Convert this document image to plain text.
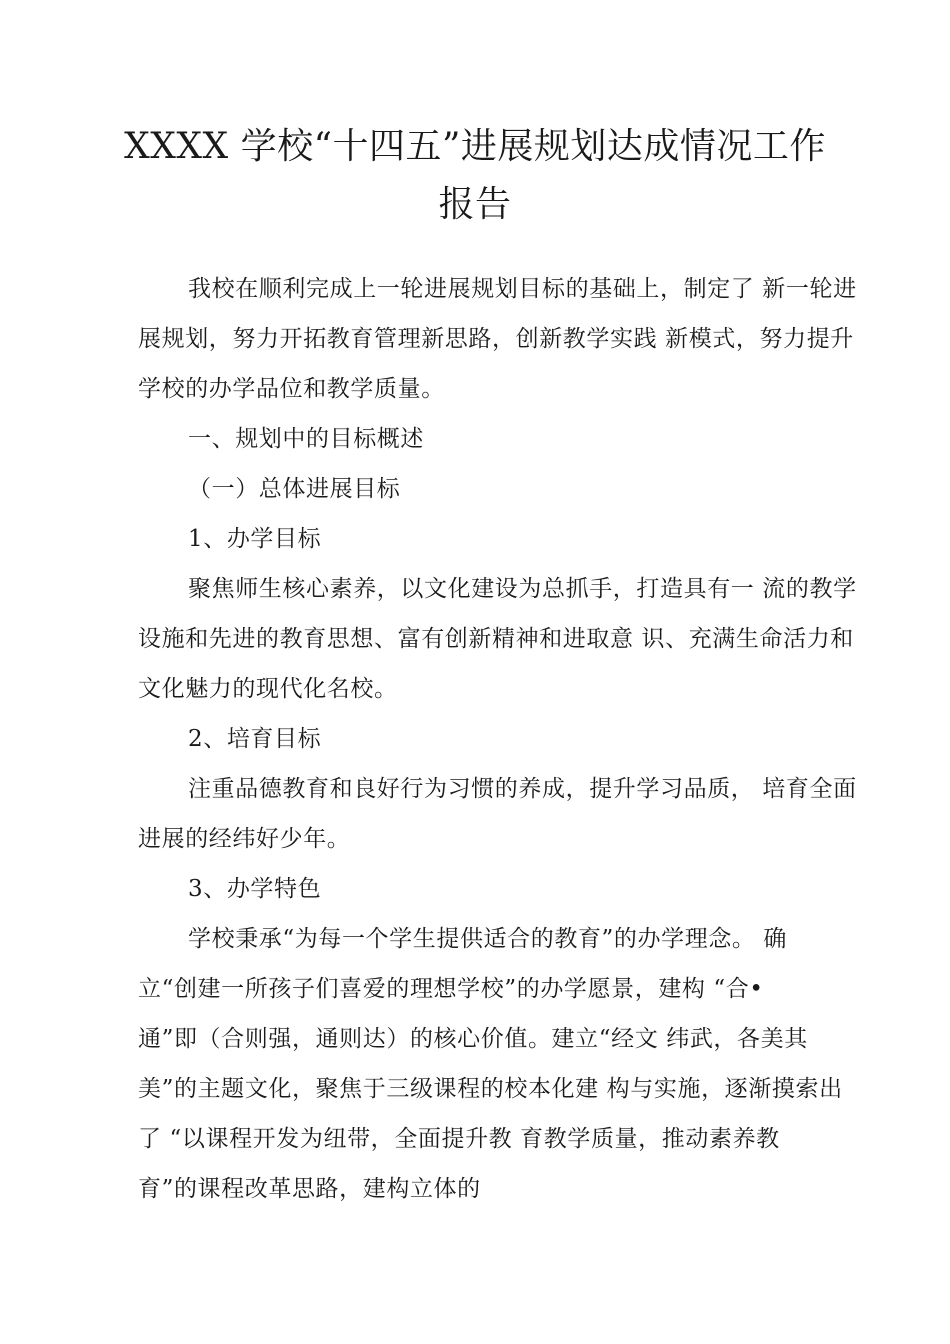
XXXX 学校“十四五”进展规划达成情况工作
报告
我校在顺利完成上一轮进展规划目标的基础上，制定了 新一轮进
展规划，努力开拓教育管理新思路，创新教学实践 新模式，努力提升
学校的办学品位和教学质量。
一、规划中的目标概述
（一）总体进展目标
1、办学目标
聚焦师生核心素养，以文化建设为总抓手，打造具有一 流的教学
设施和先进的教育思想、富有创新精神和进取意 识、充满生命活力和
文化魅力的现代化名校。
2、培育目标
注重品德教育和良好行为习惯的养成，提升学习品质， 培育全面
进展的经纬好少年。
3、办学特色
学校秉承“为每一个学生提供适合的教育”的办学理念。 确
立“创建一所孩子们喜爱的理想学校”的办学愿景，建构 “合•
通”即（合则强，通则达）的核心价值。建立“经文 纬武，各美其
美”的主题文化，聚焦于三级课程的校本化建 构与实施，逐渐摸索出
了 “以课程开发为纽带，全面提升教 育教学质量，推动素养教
育”的课程改革思路，建构立体的
